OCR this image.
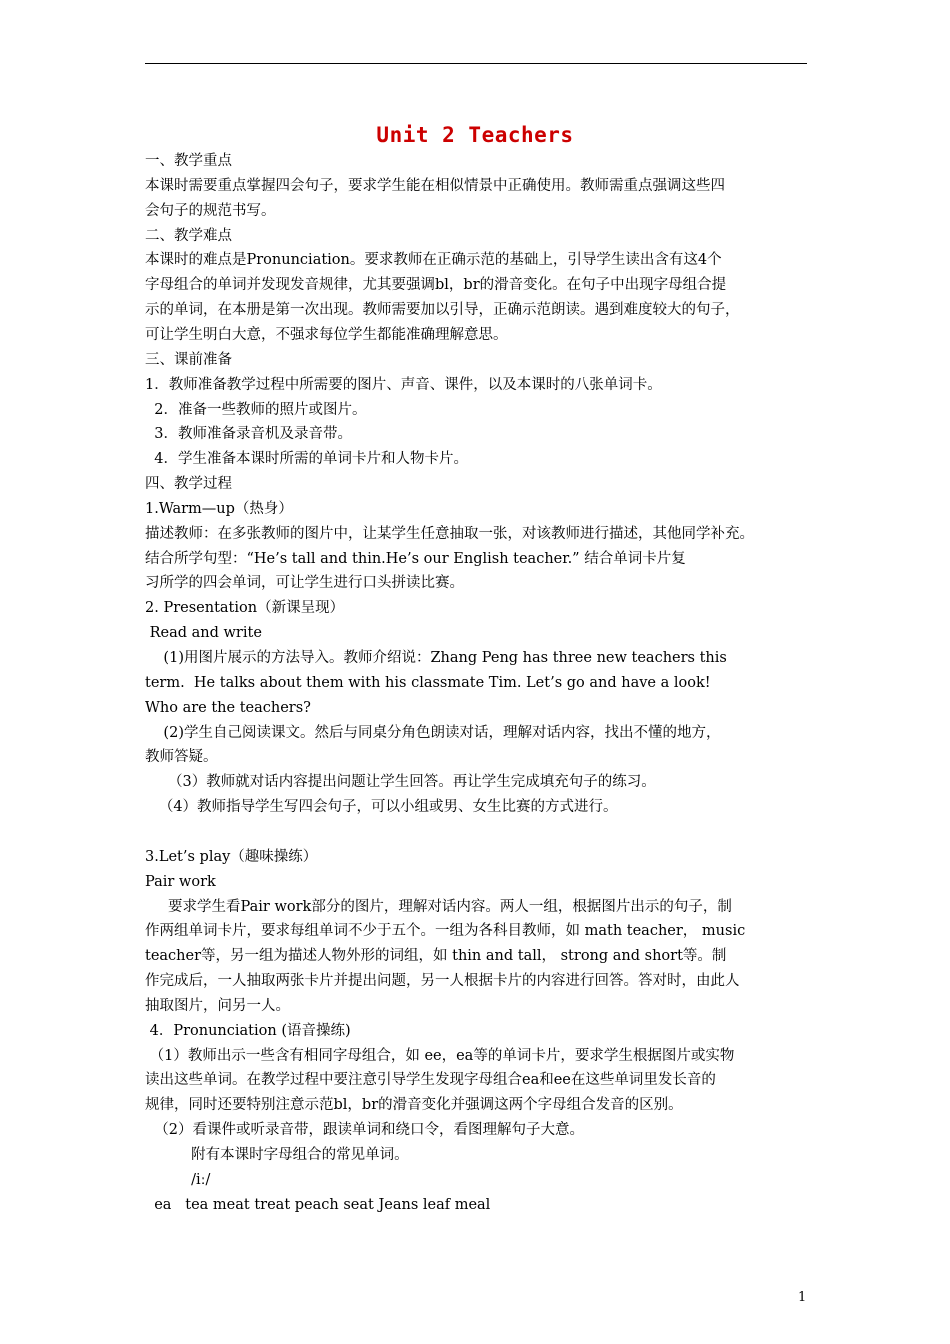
Unit 2 Teachers
一、教学重点
本课时需要重点掌握四会句子，要求学生能在相似情景中正确使用。教师需重点强调这些四
会句子的规范书写。
二、教学难点
本课时的难点是Pronunciation。要求教师在正确示范的基础上，引导学生读出含有这4个
字母组合的单词并发现发音规律，尤其要强调bl，br的滑音变化。在句子中出现字母组合提
示的单词，在本册是第一次出现。教师需要加以引导，正确示范朗读。遇到难度较大的句子，
可让学生明白大意，不强求每位学生都能准确理解意思。
三、课前准备
1．教师准备教学过程中所需要的图片、声音、课件，以及本课时的八张单词卡。
2．准备一些教师的照片或图片。
3．教师准备录音机及录音带。
4．学生准备本课时所需的单词卡片和人物卡片。
四、教学过程
1.Warm—up（热身）
描述教师：在多张教师的图片中，让某学生任意抽取一张，对该教师进行描述，其他同学补充。
结合所学句型：“He’s tall and thin.He’s our English teacher.” 结合单词卡片复
习所学的四会单词，可让学生进行口头拼读比赛。
2. Presentation（新课呈现）
Read and write
(1)用图片展示的方法导入。教师介绍说：Zhang Peng has three new teachers this
term.  He talks about them with his classmate Tim. Let’s go and have a look!
Who are the teachers?
(2)学生自己阅读课文。然后与同桌分角色朗读对话，理解对话内容，找出不懂的地方，
教师答疑。
（3）教师就对话内容提出问题让学生回答。再让学生完成填充句子的练习。
（4）教师指导学生写四会句子，可以小组或男、女生比赛的方式进行。
3.Let’s play（趣味操练）
Pair work
要求学生看Pair work部分的图片，理解对话内容。两人一组，根据图片出示的句子，制
作两组单词卡片，要求每组单词不少于五个。一组为各科目教师，如 math teacher， music
teacher等，另一组为描述人物外形的词组，如 thin and tall， strong and short等。制
作完成后，一人抽取两张卡片并提出问题，另一人根据卡片的内容进行回答。答对时，由此人
抽取图片，问另一人。
4．Pronunciation (语音操练)
（1）教师出示一些含有相同字母组合，如 ee，ea等的单词卡片，要求学生根据图片或实物
读出这些单词。在教学过程中要注意引导学生发现字母组合ea和ee在这些单词里发长音的
规律，同时还要特别注意示范bl，br的滑音变化并强调这两个字母组合发音的区别。
（2）看课件或听录音带，跟读单词和绕口令，看图理解句子大意。
附有本课时字母组合的常见单词。
/iː/
ea   tea meat treat peach seat Jeans leaf meal
1
